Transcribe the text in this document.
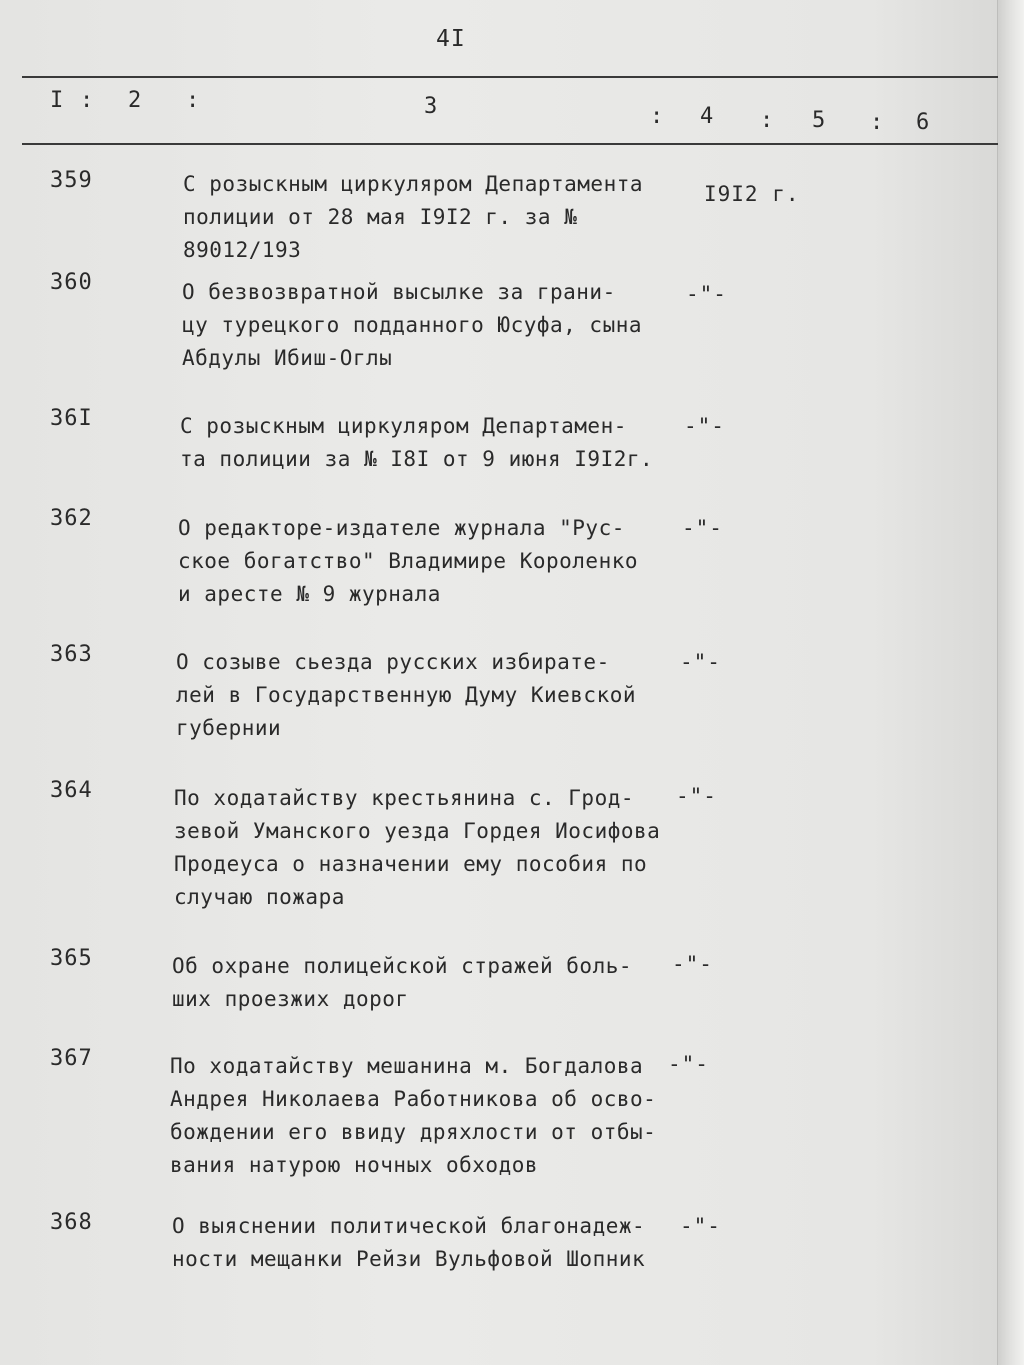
4I
I : 2 :	3	: 4 : 5 : 6
359	С розыскным циркуляром Департамента
полиции от 28 мая I9I2 г. за № 89012/193
I9I2 г.
360	О безвозвратной высылке за грани-
цу турецкого подданного Юсуфа, сына
Абдулы Ибиш-Оглы
-"-
36I	С розыскным циркуляром Департамен-
та полиции за № I8I от 9 июня I9I2г.
-"-
362	О редакторе-издателе журнала "Рус-
ское богатство" Владимире Короленко
и аресте № 9 журнала
-"-
363	О созыве сьезда русских избирате-
лей в Государственную Думу Киевской
губернии
-"-
364	По ходатайству крестьянина с. Грод-
зевой Уманского уезда Гордея Иосифова
Продеуса о назначении ему пособия по
случаю пожара
-"-
365	Об охране полицейской стражей боль-
ших проезжих дорог
-"-
367	По ходатайству мешанина м. Богдалова
Андрея Николаева Работникова об осво-
бождении его ввиду дряхлости от отбы-
вания натурою ночных обходов
-"-
368	О выяснении политической благонадеж-
ности мещанки Рейзи Вульфовой Шопник
-"-
